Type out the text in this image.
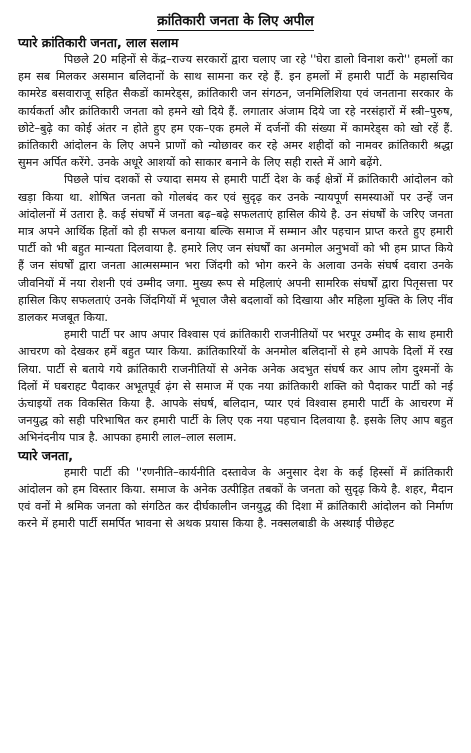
क्रांतिकारी जनता के लिए अपील

प्यारे क्रांतिकारी जनता, लाल सलाम

पिछले 20 महिनों से केंद्र–राज्य सरकारों द्वारा चलाए जा रहे ''घेरा डालो विनाश करो'' हमलों का हम सब मिलकर असमान बलिदानों के साथ सामना कर रहे हैं. इन हमलों में हमारी पार्टी के महासचिव कामरेड बसवाराजू सहित सैकडों कामरेड्स, क्रांतिकारी जन संगठन, जनमिलिशिया एवं जनताना सरकार के कार्यकर्ता और क्रांतिकारी जनता को हमने खो दिये हैं. लगातार अंजाम दिये जा रहे नरसंहारों में स्त्री–पुरुष, छोटे–बुढ़े का कोई अंतर न होते हुए हम एक–एक हमले में दर्जनों की संख्या में कामरेड्स को खो रहें हैं. क्रांतिकारी आंदोलन के लिए अपने प्राणों को न्योछावर कर रहे अमर शहीदों को नामवर क्रांतिकारी श्रद्धा सुमन अर्पित करेंगे. उनके अधूरे आशयों को साकार बनाने के लिए सही रास्ते में आगे बढ़ेंगे.

पिछले पांच दशकों से ज्यादा समय से हमारी पार्टी देश के कई क्षेत्रों में क्रांतिकारी आंदोलन को खड़ा किया था. शोषित जनता को गोलबंद कर एवं सुदृढ़ कर उनके न्यायपूर्ण समस्याओं पर उन्हें जन आंदोलनों में उतारा है. कई संघर्षों में जनता बढ़–बढ़े सफलताएं हासिल कीये है. उन संघर्षों के जरिए जनता मात्र अपने आर्थिक हितों को ही सफल बनाया बल्कि समाज में सम्मान और पहचान प्राप्त करते हुए हमारी पार्टी को भी बहुत मान्यता दिलवाया है. हमारे लिए जन संघर्षों का अनमोल अनुभवों को भी हम प्राप्त किये हैं जन संघर्षों द्वारा जनता आत्मसम्मान भरा जिंदगी को भोग करने के अलावा उनके संघर्ष दवारा उनके जीवनियों में नया रोशनी एवं उम्मीद जगा. मुख्य रूप से महिलाएं अपनी सामरिक संघर्षों द्वारा पितृसत्ता पर हासिल किए सफलताएं उनके जिंदगियों में भूचाल जैसे बदलावों को दिखाया और महिला मुक्ति के लिए नींव डालकर मजबूत किया.

हमारी पार्टी पर आप अपार विश्वास एवं क्रांतिकारी राजनीतियों पर भरपूर उम्मीद के साथ हमारी आचरण को देखकर हमें बहुत प्यार किया. क्रांतिकारियों के अनमोल बलिदानों से हमे आपके दिलों में रख लिया. पार्टी से बताये गये क्रांतिकारी राजनीतियों से अनेक अनेक अदभुत संघर्ष कर आप लोग दुश्मनों के दिलों में घबराहट पैदाकर अभूतपूर्व ढ़ंग से समाज में एक नया क्रांतिकारी शक्ति को पैदाकर पार्टी को नई ऊंचाइयों तक विकसित किया है. आपके संघर्ष, बलिदान, प्यार एवं विश्वास हमारी पार्टी के आचरण में जनयुद्ध को सही परिभाषित कर हमारी पार्टी के लिए एक नया पहचान दिलवाया है. इसके लिए आप बहुत अभिनंदनीय पात्र है. आपका हमारी लाल–लाल सलाम.

प्यारे जनता,

हमारी पार्टी की ''रणनीति–कार्यनीति दस्तावेज के अनुसार देश के कई हिस्सों में क्रांतिकारी आंदोलन को हम विस्तार किया. समाज के अनेक उत्पीड़ित तबकों के जनता को सुदृढ़ किये है. शहर, मैदान एवं वनों मे श्रमिक जनता को संगठित कर दीर्घकालीन जनयुद्ध की दिशा में क्रांतिकारी आंदोलन को निर्माण करने में हमारी पार्टी समर्पित भावना से अथक प्रयास किया है. नक्सलबाडी के अस्थाई पीछेहट
